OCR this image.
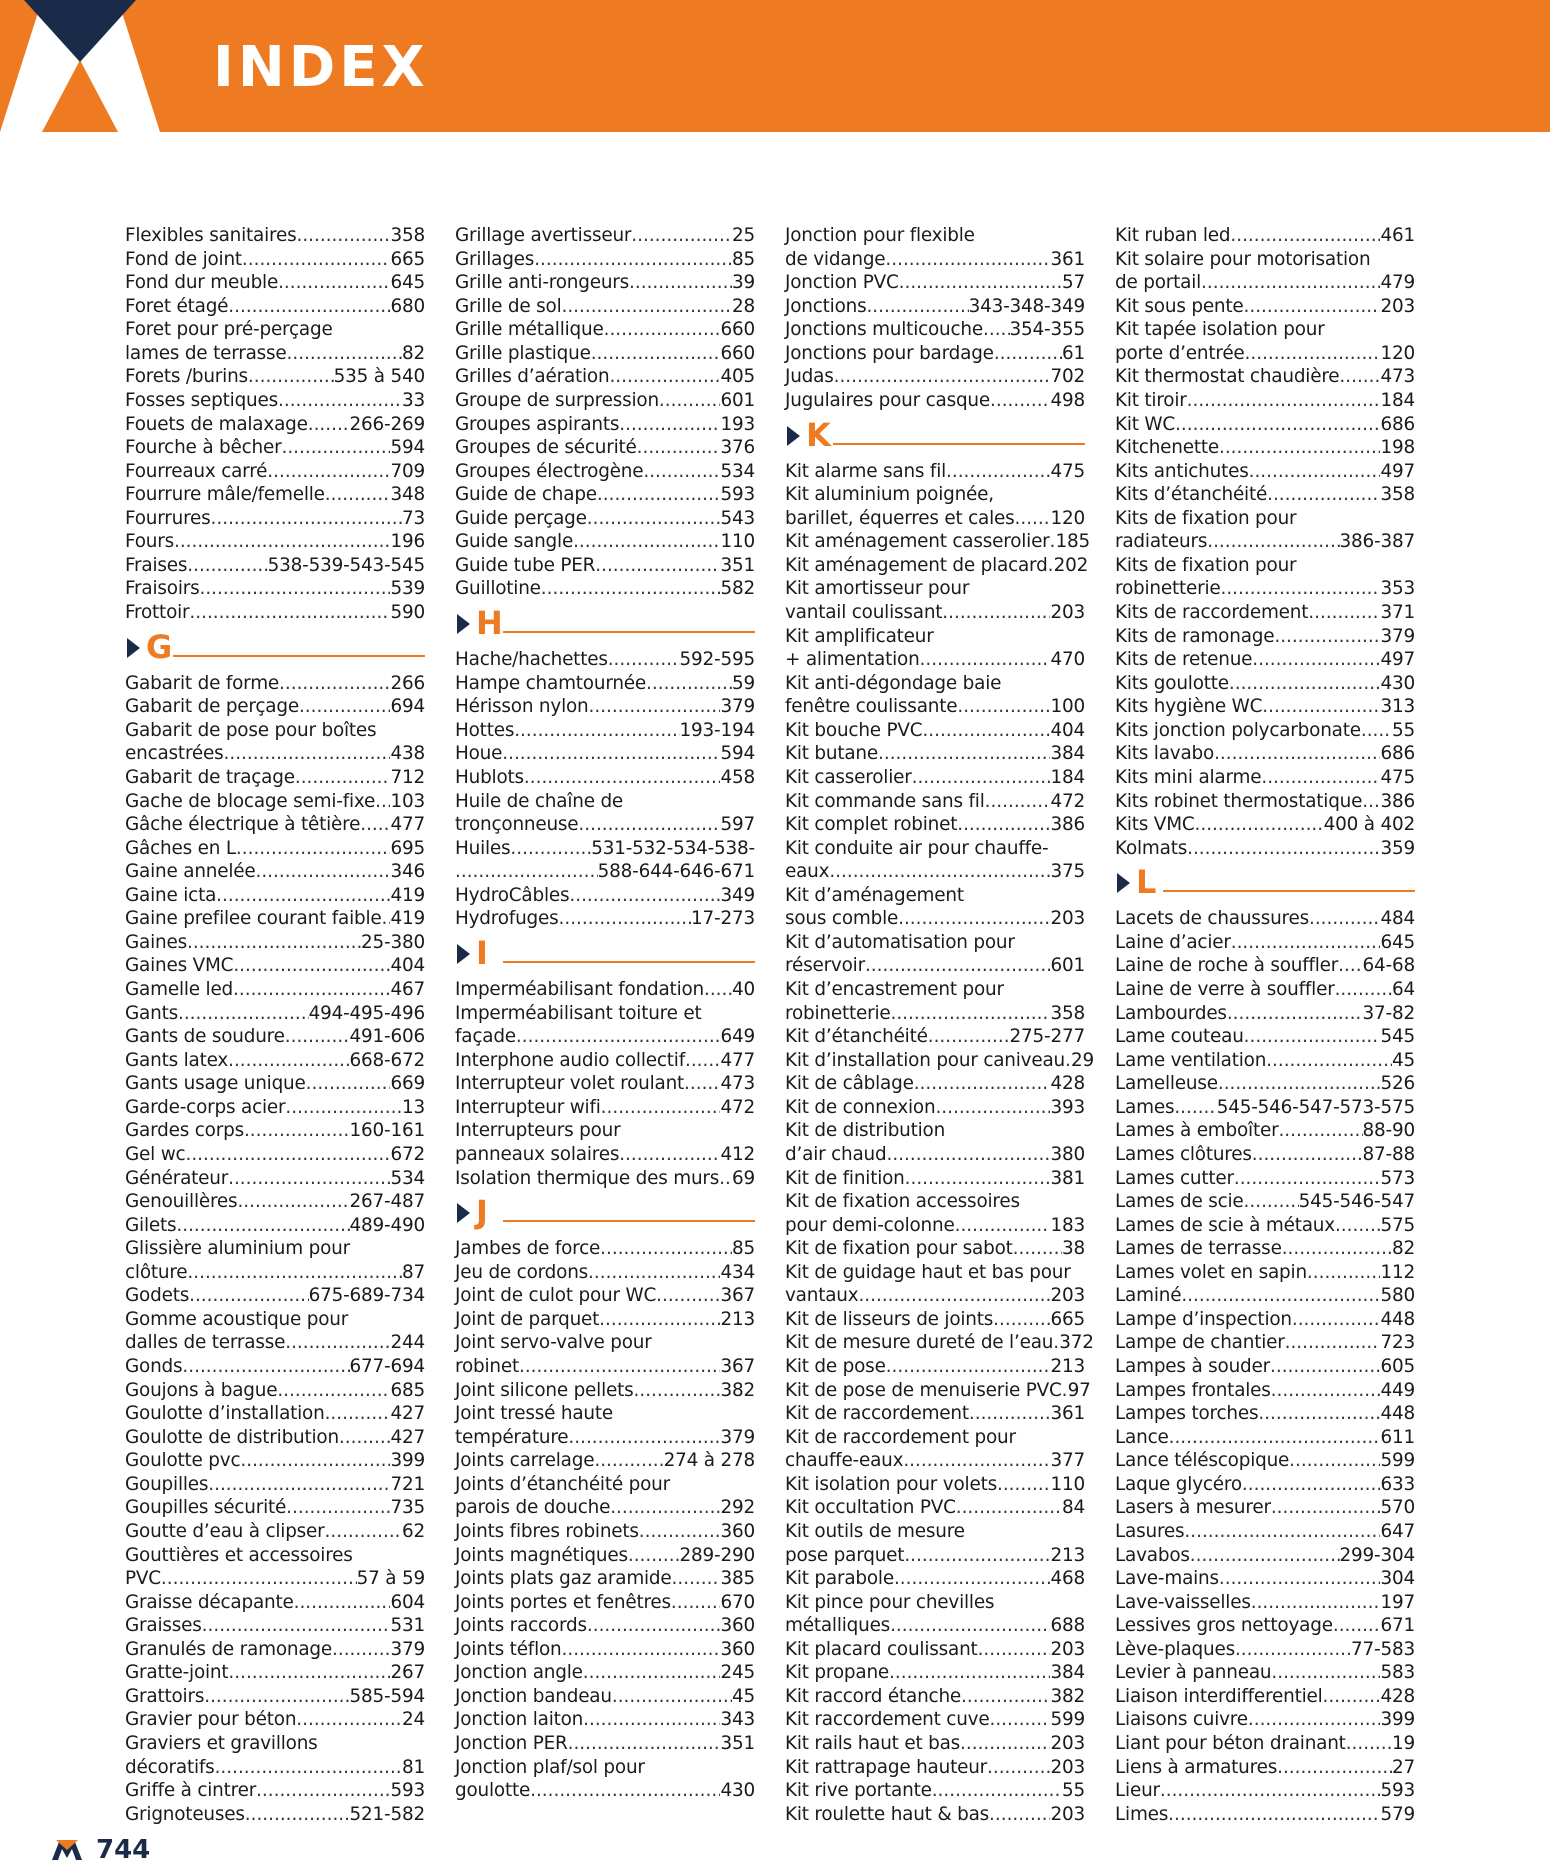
INDEX
Flexibles sanitaires .....	358
Fond de joint .....	665
Fond dur meuble .....	645
Foret étagé .....	680
Foret pour pré-perçage
lames de terrasse .....	82
Forets /burins .....	535 à 540
Fosses septiques .....	33
Fouets de malaxage ..... 266-269
Fourche à bêcher .....	594
Fourreaux carré .....	709
Fourrure mâle/femelle .....	348
Fourrures .....	73
Fours .....	196
Fraises .....	538-539-543-545
Fraisoirs .....	539
Frottoir .....	590
G
Gabarit de forme .....	266
Gabarit de perçage .....	694
Gabarit de pose pour boîtes
encastrées .....	438
Gabarit de traçage .....	712
Gache de blocage semi-fixe ..... 103
Gâche électrique à têtière ..... 477
Gâches en L .....	695
Gaine annelée .....	346
Gaine icta .....	419
Gaine prefilee courant faible ..... 419
Gaines .....	25-380
Gaines VMC .....	404
Gamelle led .....	467
Gants .....	494-495-496
Gants de soudure .....	491-606
Gants latex .....	668-672
Gants usage unique .....	669
Garde-corps acier .....	13
Gardes corps .....	160-161
Gel wc .....	672
Générateur .....	534
Genouillères .....	267-487
Gilets .....	489-490
Glissière aluminium pour
clôture .....	87
Godets .....	675-689-734
Gomme acoustique pour
dalles de terrasse .....	244
Gonds .....	677-694
Goujons à bague .....	685
Goulotte d’installation .....	427
Goulotte de distribution .....	427
Goulotte pvc .....	399
Goupilles .....	721
Goupilles sécurité .....	735
Goutte d’eau à clipser .....	62
Gouttières et accessoires
PVC .....	57 à 59
Graisse décapante .....	604
Graisses .....	531
Granulés de ramonage .....	379
Gratte-joint .....	267
Grattoirs .....	585-594
Gravier pour béton .....	24
Graviers et gravillons
décoratifs .....	81
Griffe à cintrer .....	593
Grignoteuses .....	521-582
Grillage avertisseur .....	25
Grillages .....	85
Grille anti-rongeurs .....	39
Grille de sol .....	28
Grille métallique .....	660
Grille plastique .....	660
Grilles d’aération .....	405
Groupe de surpression .....	601
Groupes aspirants .....	193
Groupes de sécurité .....	376
Groupes électrogène .....	534
Guide de chape .....	593
Guide perçage .....	543
Guide sangle .....	110
Guide tube PER .....	351
Guillotine .....	582
H
Hache/hachettes .....	592-595
Hampe chamtournée .....	59
Hérisson nylon .....	379
Hottes .....	193-194
Houe .....	594
Hublots .....	458
Huile de chaîne de
tronçonneuse .....	597
Huiles .....	531-532-534-538-
.....
588-644-646-671
HydroCâbles .....	349
Hydrofuges .....	17-273
I
Imperméabilisant fondation ..... 40
Imperméabilisant toiture et
façade .....	649
Interphone audio collectif ..... 477
Interrupteur volet roulant ..... 473
Interrupteur wifi .....	472
Interrupteurs pour
panneaux solaires .....	412
Isolation thermique des murs ..... 69
J
Jambes de force .....	85
Jeu de cordons .....	434
Joint de culot pour WC .....	367
Joint de parquet .....	213
Joint servo-valve pour
robinet .....	367
Joint silicone pellets .....	382
Joint tressé haute
température .....	379
Joints carrelage .....	274 à 278
Joints d’étanchéité pour
parois de douche .....	292
Joints fibres robinets .....	360
Joints magnétiques .....	289-290
Joints plats gaz aramide .....	385
Joints portes et fenêtres .....	670
Joints raccords .....	360
Joints téflon .....	360
Jonction angle .....	245
Jonction bandeau .....	45
Jonction laiton .....	343
Jonction PER .....	351
Jonction plaf/sol pour
goulotte .....	430
Jonction pour flexible
de vidange .....	361
Jonction PVC .....	57
Jonctions .....	343-348-349
Jonctions multicouche ..... 354-355
Jonctions pour bardage .....	61
Judas .....	702
Jugulaires pour casque .....	498
K
Kit alarme sans fil .....	475
Kit aluminium poignée,
barillet, équerres et cales ..... 120
Kit aménagement casserolier ..... 185
Kit aménagement de placard ..... 202
Kit amortisseur pour
vantail coulissant .....	203
Kit amplificateur
+ alimentation .....	470
Kit anti-dégondage baie
fenêtre coulissante .....	100
Kit bouche PVC .....	404
Kit butane .....	384
Kit casserolier .....	184
Kit commande sans fil .....	472
Kit complet robinet .....	386
Kit conduite air pour chauffe-
eaux .....	375
Kit d’aménagement
sous comble .....	203
Kit d’automatisation pour
réservoir .....	601
Kit d’encastrement pour
robinetterie .....	358
Kit d’étanchéité .....	275-277
Kit d’installation pour caniveau ..... 29
Kit de câblage .....	428
Kit de connexion .....	393
Kit de distribution
d’air chaud .....	380
Kit de finition .....	381
Kit de fixation accessoires
pour demi-colonne .....	183
Kit de fixation pour sabot .....	38
Kit de guidage haut et bas pour
vantaux .....	203
Kit de lisseurs de joints .....	665
Kit de mesure dureté de l’eau ..... 372
Kit de pose .....	213
Kit de pose de menuiserie PVC ..... 97
Kit de raccordement .....	361
Kit de raccordement pour
chauffe-eaux .....	377
Kit isolation pour volets .....	110
Kit occultation PVC .....	84
Kit outils de mesure
pose parquet .....	213
Kit parabole .....	468
Kit pince pour chevilles
métalliques .....	688
Kit placard coulissant .....	203
Kit propane .....	384
Kit raccord étanche .....	382
Kit raccordement cuve .....	599
Kit rails haut et bas .....	203
Kit rattrapage hauteur .....	203
Kit rive portante .....	55
Kit roulette haut & bas .....	203
Kit ruban led .....	461
Kit solaire pour motorisation
de portail .....	479
Kit sous pente .....	203
Kit tapée isolation pour
porte d’entrée .....	120
Kit thermostat chaudière ..... 473
Kit tiroir .....	184
Kit WC .....	686
Kitchenette .....	198
Kits antichutes .....	497
Kits d’étanchéité .....	358
Kits de fixation pour
radiateurs .....	386-387
Kits de fixation pour
robinetterie .....	353
Kits de raccordement .....	371
Kits de ramonage .....	379
Kits de retenue .....	497
Kits goulotte .....	430
Kits hygiène WC .....	313
Kits jonction polycarbonate ..... 55
Kits lavabo .....	686
Kits mini alarme .....	475
Kits robinet thermostatique ..... 386
Kits VMC .....	400 à 402
Kolmats .....	359
L
Lacets de chaussures .....	484
Laine d’acier .....	645
Laine de roche à souffler ..... 64-68
Laine de verre à souffler .....	64
Lambourdes .....	37-82
Lame couteau .....	545
Lame ventilation .....	45
Lamelleuse .....	526
Lames ..... 545-546-547-573-575
Lames à emboîter .....	88-90
Lames clôtures .....	87-88
Lames cutter .....	573
Lames de scie .....	545-546-547
Lames de scie à métaux ..... 575
Lames de terrasse .....	82
Lames volet en sapin .....	112
Laminé .....	580
Lampe d’inspection .....	448
Lampe de chantier .....	723
Lampes à souder .....	605
Lampes frontales .....	449
Lampes torches .....	448
Lance .....	611
Lance téléscopique .....	599
Laque glycéro .....	633
Lasers à mesurer .....	570
Lasures .....	647
Lavabos .....	299-304
Lave-mains .....	304
Lave-vaisselles .....	197
Lessives gros nettoyage .....	671
Lève-plaques .....	77-583
Levier à panneau .....	583
Liaison interdifferentiel .....	428
Liaisons cuivre .....	399
Liant pour béton drainant .....	19
Liens à armatures .....	27
Lieur .....	593
Limes .....	579
744
